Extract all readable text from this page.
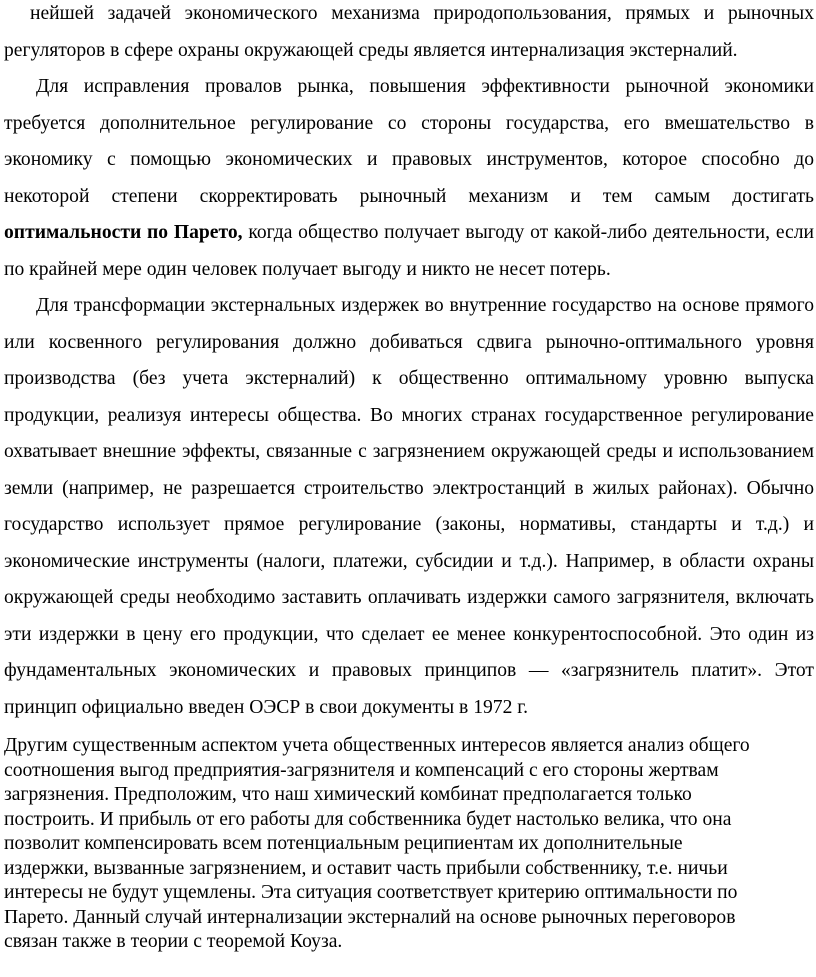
нейшей задачей экономического механизма природопользования, прямых и рыночных регуляторов в сфере охраны окружающей среды является интернализация экстерналий.

Для исправления провалов рынка, повышения эффективности рыночной экономики требуется дополнительное регулирование со стороны государства, его вмешательство в экономику с помощью экономических и правовых инструментов, которое способно до некоторой степени скорректировать рыночный механизм и тем самым достигать оптимальности по Парето, когда общество получает выгоду от какой-либо деятельности, если по крайней мере один человек получает выгоду и никто не несет потерь.

Для трансформации экстернальных издержек во внутренние государство на основе прямого или косвенного регулирования должно добиваться сдвига рыночно-оптимального уровня производства (без учета экстерналий) к общественно оптимальному уровню выпуска продукции, реализуя интересы общества. Во многих странах государственное регулирование охватывает внешние эффекты, связанные с загрязнением окружающей среды и использованием земли (например, не разрешается строительство электростанций в жилых районах). Обычно государство использует прямое регулирование (законы, нормативы, стандарты и т.д.) и экономические инструменты (налоги, платежи, субсидии и т.д.). Например, в области охраны окружающей среды необходимо заставить оплачивать издержки самого загрязнителя, включать эти издержки в цену его продукции, что сделает ее менее конкурентоспособной. Это один из фундаментальных экономических и правовых принципов — «загрязнитель платит». Этот принцип официально введен ОЭСР в свои документы в 1972 г.

Другим существенным аспектом учета общественных интересов является анализ общего
соотношения выгод предприятия-загрязнителя и компенсаций с его стороны жертвам
загрязнения. Предположим, что наш химический комбинат предполагается только
построить. И прибыль от его работы для собственника будет настолько велика, что она
позволит компенсировать всем потенциальным реципиентам их дополнительные
издержки, вызванные загрязнением, и оставит часть прибыли собственнику, т.е. ничьи
интересы не будут ущемлены. Эта ситуация соответствует критерию оптимальности по
Парето. Данный случай интернализации экстерналий на основе рыночных переговоров
связан также в теории с теоремой Коуза.
